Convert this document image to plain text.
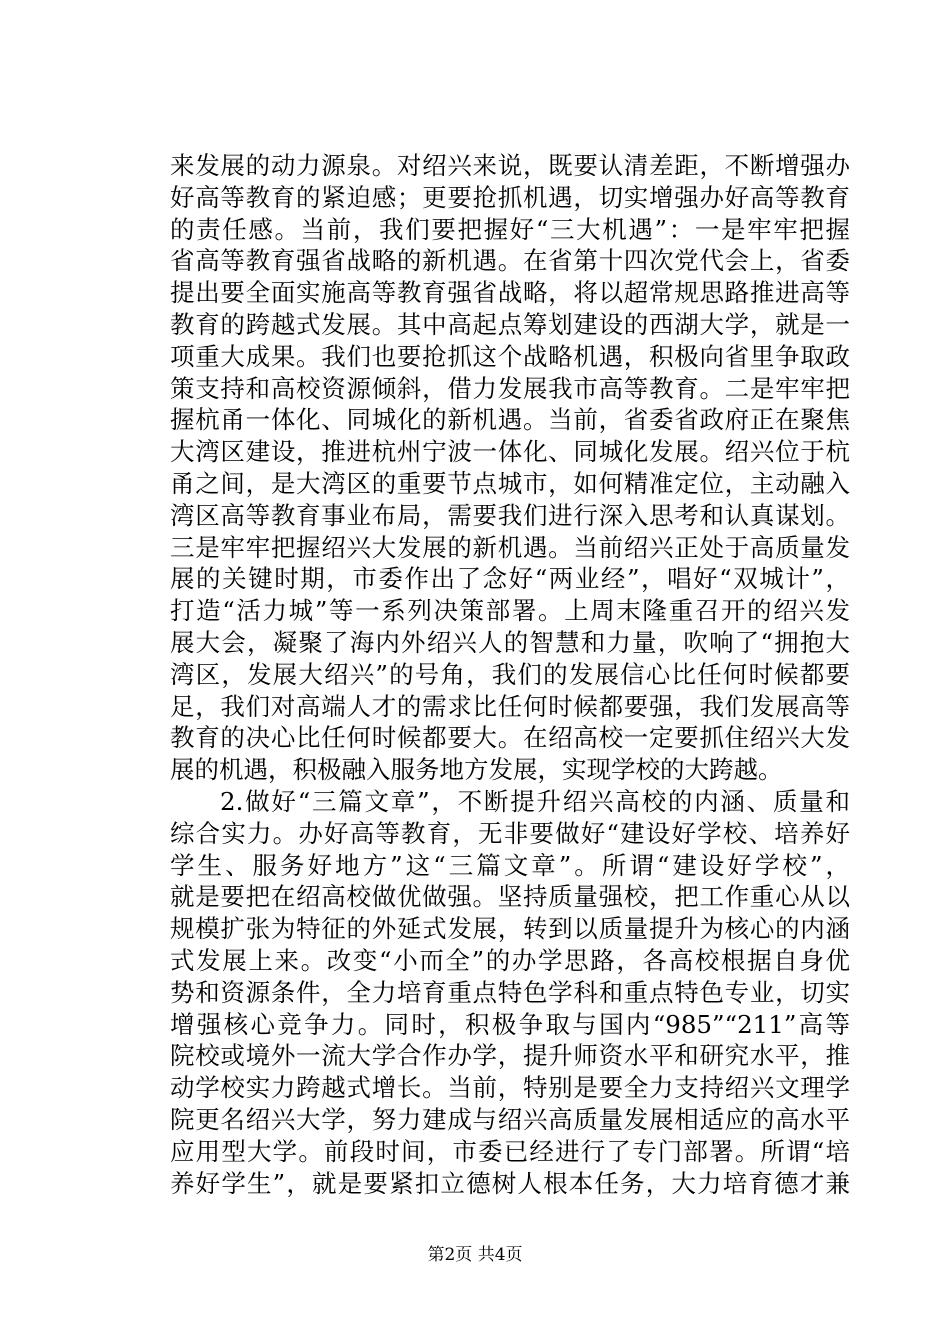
来发展的动力源泉。对绍兴来说，既要认清差距，不断增强办
好高等教育的紧迫感；更要抢抓机遇，切实增强办好高等教育
的责任感。当前，我们要把握好“三大机遇”：一是牢牢把握
省高等教育强省战略的新机遇。在省第十四次党代会上，省委
提出要全面实施高等教育强省战略，将以超常规思路推进高等
教育的跨越式发展。其中高起点筹划建设的西湖大学，就是一
项重大成果。我们也要抢抓这个战略机遇，积极向省里争取政
策支持和高校资源倾斜，借力发展我市高等教育。二是牢牢把
握杭甬一体化、同城化的新机遇。当前，省委省政府正在聚焦
大湾区建设，推进杭州宁波一体化、同城化发展。绍兴位于杭
甬之间，是大湾区的重要节点城市，如何精准定位，主动融入
湾区高等教育事业布局，需要我们进行深入思考和认真谋划。
三是牢牢把握绍兴大发展的新机遇。当前绍兴正处于高质量发
展的关键时期，市委作出了念好“两业经”，唱好“双城计”，
打造“活力城”等一系列决策部署。上周末隆重召开的绍兴发
展大会，凝聚了海内外绍兴人的智慧和力量，吹响了“拥抱大
湾区，发展大绍兴”的号角，我们的发展信心比任何时候都要
足，我们对高端人才的需求比任何时候都要强，我们发展高等
教育的决心比任何时候都要大。在绍高校一定要抓住绍兴大发
展的机遇，积极融入服务地方发展，实现学校的大跨越。
2.做好“三篇文章”，不断提升绍兴高校的内涵、质量和
综合实力。办好高等教育，无非要做好“建设好学校、培养好
学生、服务好地方”这“三篇文章”。所谓“建设好学校”，
就是要把在绍高校做优做强。坚持质量强校，把工作重心从以
规模扩张为特征的外延式发展，转到以质量提升为核心的内涵
式发展上来。改变“小而全”的办学思路，各高校根据自身优
势和资源条件，全力培育重点特色学科和重点特色专业，切实
增强核心竞争力。同时，积极争取与国内“985”“211”高等
院校或境外一流大学合作办学，提升师资水平和研究水平，推
动学校实力跨越式增长。当前，特别是要全力支持绍兴文理学
院更名绍兴大学，努力建成与绍兴高质量发展相适应的高水平
应用型大学。前段时间，市委已经进行了专门部署。所谓“培
养好学生”，就是要紧扣立德树人根本任务，大力培育德才兼
第2页 共4页
